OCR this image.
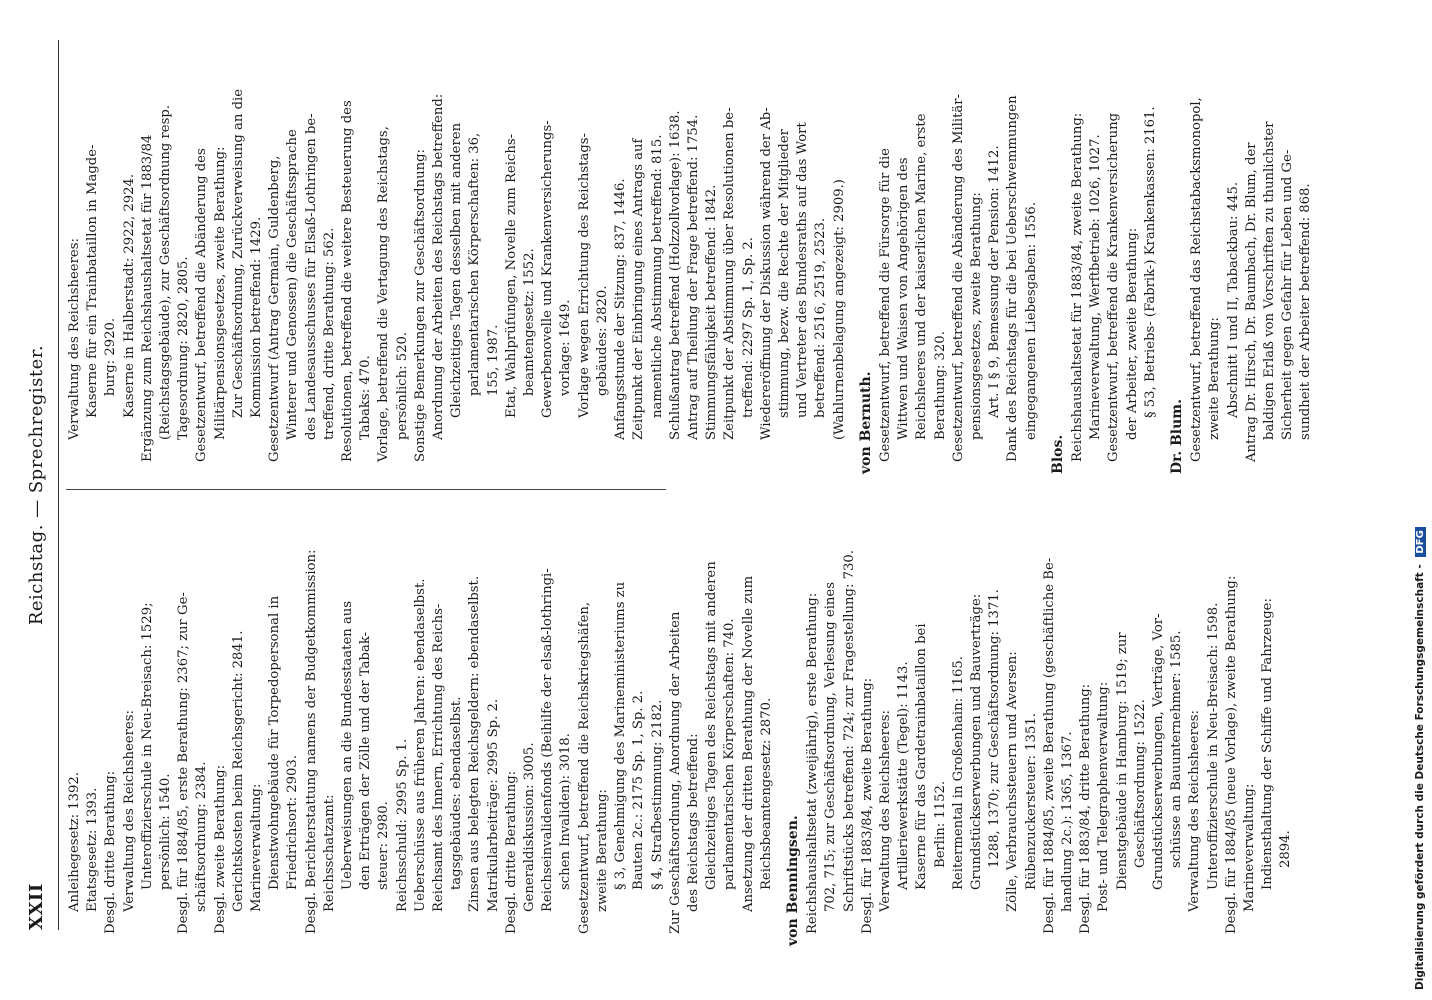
XXII
Reichstag. — Sprechregister.

Anleihegesetz: 1392. Etatsgesetz: 1393. Desgl. dritte Berathung: Verwaltung des Reichsheeres: Unteroffizierschule in Neu-Breisach: 1529; persönlich: 1540. Desgl. für 1884/85, erste Berathung: 2367; zur Ge- schäftsordnung: 2384. Desgl. zweite Berathung: Gerichtskosten beim Reichsgericht: 2841. Marineverwaltung: Dienstwohngebäude für Torpedopersonal in Friedrichsort: 2903. Desgl. Berichterstattung namens der Budgetkommission: Reichsschatzamt: Ueberweisungen an die Bundesstaaten aus den Erträgen der Zölle und der Tabak- steuer: 2980. Reichsschuld: 2995 Sp. 1. Ueberschüsse aus früheren Jahren: ebendaselbst. Reichsamt des Innern, Errichtung des Reichs- tagsgebäudes: ebendaselbst. Zinsen aus belegten Reichsgeldern: ebendaselbst. Matrikularbeiträge: 2995 Sp. 2. Desgl. dritte Berathung: Generaldiskussion: 3005. Reichseinvalidenfonds (Beihilfe der elsaß-lothringi- schen Invaliden): 3018. Gesetzentwurf, betreffend die Reichskriegshäfen, zweite Berathung: § 3, Genehmigung des Marineministeriums zu Bauten 2c.: 2175 Sp. 1, Sp. 2. § 4, Strafbestimmung: 2182. Zur Geschäftsordnung, Anordnung der Arbeiten des Reichstags betreffend: Gleichzeitiges Tagen des Reichstags mit anderen parlamentarischen Körperschaften: 740. Ansetzung der dritten Berathung der Novelle zum Reichsbeamtengesetz: 2870. von Benningsen. Reichshaushaltsetat (zweijährig), erste Berathung: 702, 715; zur Geschäftsordnung, Verlesung eines Schriftstücks betreffend: 724; zur Fragestellung: 730. Desgl. für 1883/84, zweite Berathung: Verwaltung des Reichsheeres: Artilleriewerkstätte (Tegel): 1143. Kaserne für das Gardetrainbataillon bei Berlin: 1152. Reitermental in Großenhain: 1165. Grundstückserwerbungen und Bauverträge: 1288, 1370; zur Geschäftsordnung: 1371. Zölle, Verbrauchssteuern und Aversen: Rübenzuckersteuer: 1351. Desgl. für 1884/85, zweite Berathung (geschäftliche Be- handlung 2c.): 1365, 1367. Desgl. für 1883/84, dritte Berathung: Post- und Telegraphenverwaltung: Dienstgebäude in Hamburg: 1519; zur Geschäftsordnung: 1522. Grundstückserwerbungen, Verträge, Vor- schüsse an Bauunternehmer: 1585. Verwaltung des Reichsheeres: Unteroffizierschule in Neu-Breisach: 1598. Desgl. für 1884/85 (neue Vorlage), zweite Berathung: Marineverwaltung: Indiensthaltung der Schiffe und Fahrzeuge: 2894.

Verwaltung des Reichsheeres: Kaserne für ein Trainbataillon in Magde- burg: 2920. Kaserne in Halberstadt: 2922, 2924. Ergänzung zum Reichshaushaltsetat für 1883/84 (Reichstagsgebäude), zur Geschäftsordnung resp. Tagesordnung: 2820, 2805. Gesetzentwurf, betreffend die Abänderung des Militärpensionsgesetzes, zweite Berathung: Zur Geschäftsordnung, Zurückverweisung an die Kommission betreffend: 1429. Gesetzentwurf (Antrag Germain, Guldenberg, Winterer und Genossen) die Geschäftssprache des Landesausschusses für Elsaß-Lothringen be- treffend, dritte Berathung: 562. Resolutionen, betreffend die weitere Besteuerung des Tabaks: 470. Vorlage, betreffend die Vertagung des Reichstags, persönlich: 520. Sonstige Bemerkungen zur Geschäftsordnung: Anordnung der Arbeiten des Reichstags betreffend: Gleichzeitiges Tagen desselben mit anderen parlamentarischen Körperschaften: 36, 155, 1987. Etat, Wahlprüfungen, Novelle zum Reichs- beamtengesetz: 1552. Gewerbenovelle und Krankenversicherungs- vorlage: 1649. Vorlage wegen Errichtung des Reichstags- gebäudes: 2820. Anfangsstunde der Sitzung: 837, 1446. Zeitpunkt der Einbringung eines Antrags auf namentliche Abstimmung betreffend: 815. Schlußantrag betreffend (Holzzollvorlage): 1638. Antrag auf Theilung der Frage betreffend: 1754. Stimmungsfähigkeit betreffend: 1842. Zeitpunkt der Abstimmung über Resolutionen be- treffend: 2297 Sp. 1, Sp. 2. Wiedereröffnung der Diskussion während der Ab- stimmung, bezw. die Rechte der Mitglieder und Vertreter des Bundesraths auf das Wort betreffend: 2516, 2519, 2523. (Wahlurnenbelagung angezeigt: 2909.) von Bernuth. Gesetzentwurf, betreffend die Fürsorge für die Wittwen und Waisen von Angehörigen des Reichsheeres und der kaiserlichen Marine, erste Berathung: 320. Gesetzentwurf, betreffend die Abänderung des Militär- pensionsgesetzes, zweite Berathung: Art. I § 9, Bemessung der Pension: 1412. Dank des Reichstags für die bei Ueberschwemmungen eingegangenen Liebesgaben: 1556.

Blos. Reichshaushaltsetat für 1883/84, zweite Berathung: Marineverwaltung, Werftbetrieb: 1026, 1027. Gesetzentwurf, betreffend die Krankenversicherung der Arbeiter, zweite Berathung: § 53, Betriebs- (Fabrik-) Krankenkassen: 2161.

Dr. Blum. Gesetzentwurf, betreffend das Reichstabacksmonopol, zweite Berathung: Abschnitt I und II, Tabackbau: 445. Antrag Dr. Hirsch, Dr. Baumbach, Dr. Blum, der baldigen Erlaß von Vorschriften zu thunlichster Sicherheit gegen Gefahr für Leben und Ge- sundheit der Arbeiter betreffend: 868.

Digitalisierung gefördert durch die Deutsche Forschungsgemeinschaft - DFG
